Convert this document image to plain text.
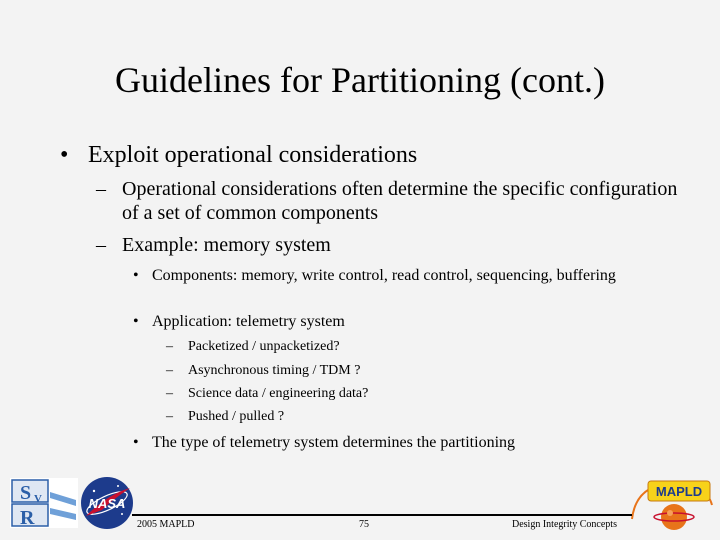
Guidelines for Partitioning (cont.)
• Exploit operational considerations
– Operational considerations often determine the specific configuration of a set of common components
– Example: memory system
• Components: memory, write control, read control, sequencing, buffering
• Application: telemetry system
– Packetized / unpacketized?
– Asynchronous timing / TDM ?
– Science data / engineering data?
– Pushed / pulled ?
• The type of telemetry system determines the partitioning
S
R
V	NASA
MAPLD
2005 MAPLD	75	Design Integrity Concepts
